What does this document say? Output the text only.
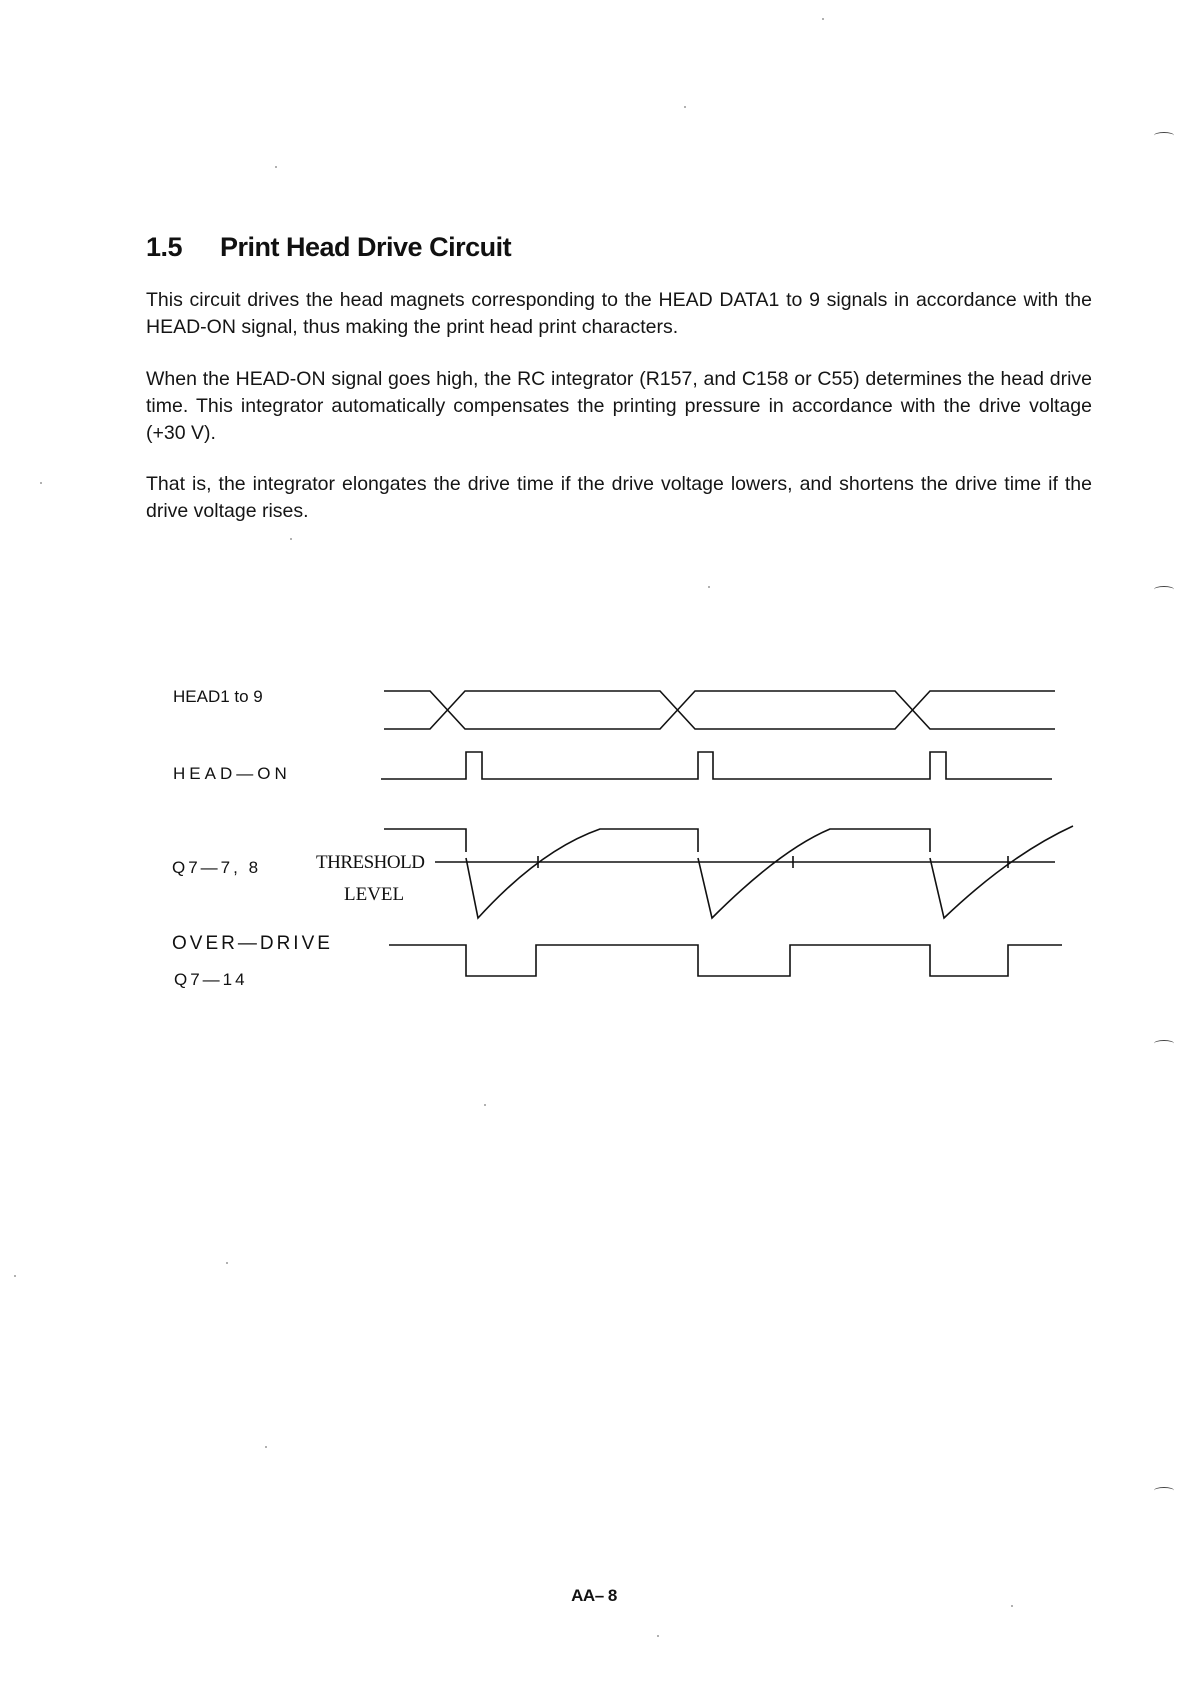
1.5 Print Head Drive Circuit

This circuit drives the head magnets corresponding to the HEAD DATA1 to 9 signals in accordance with the HEAD-ON signal, thus making the print head print characters.

When the HEAD-ON signal goes high, the RC integrator (R157, and C158 or C55) determines the head drive time. This integrator automatically compensates the printing pressure in accordance with the drive voltage (+30 V).

That is, the integrator elongates the drive time if the drive voltage lowers, and shortens the drive time if the drive voltage rises.

HEAD1 to 9
HEAD—ON
Q7—7, 8
OVER—DRIVE
Q7—14
THRESHOLD
LEVEL
AA– 8
